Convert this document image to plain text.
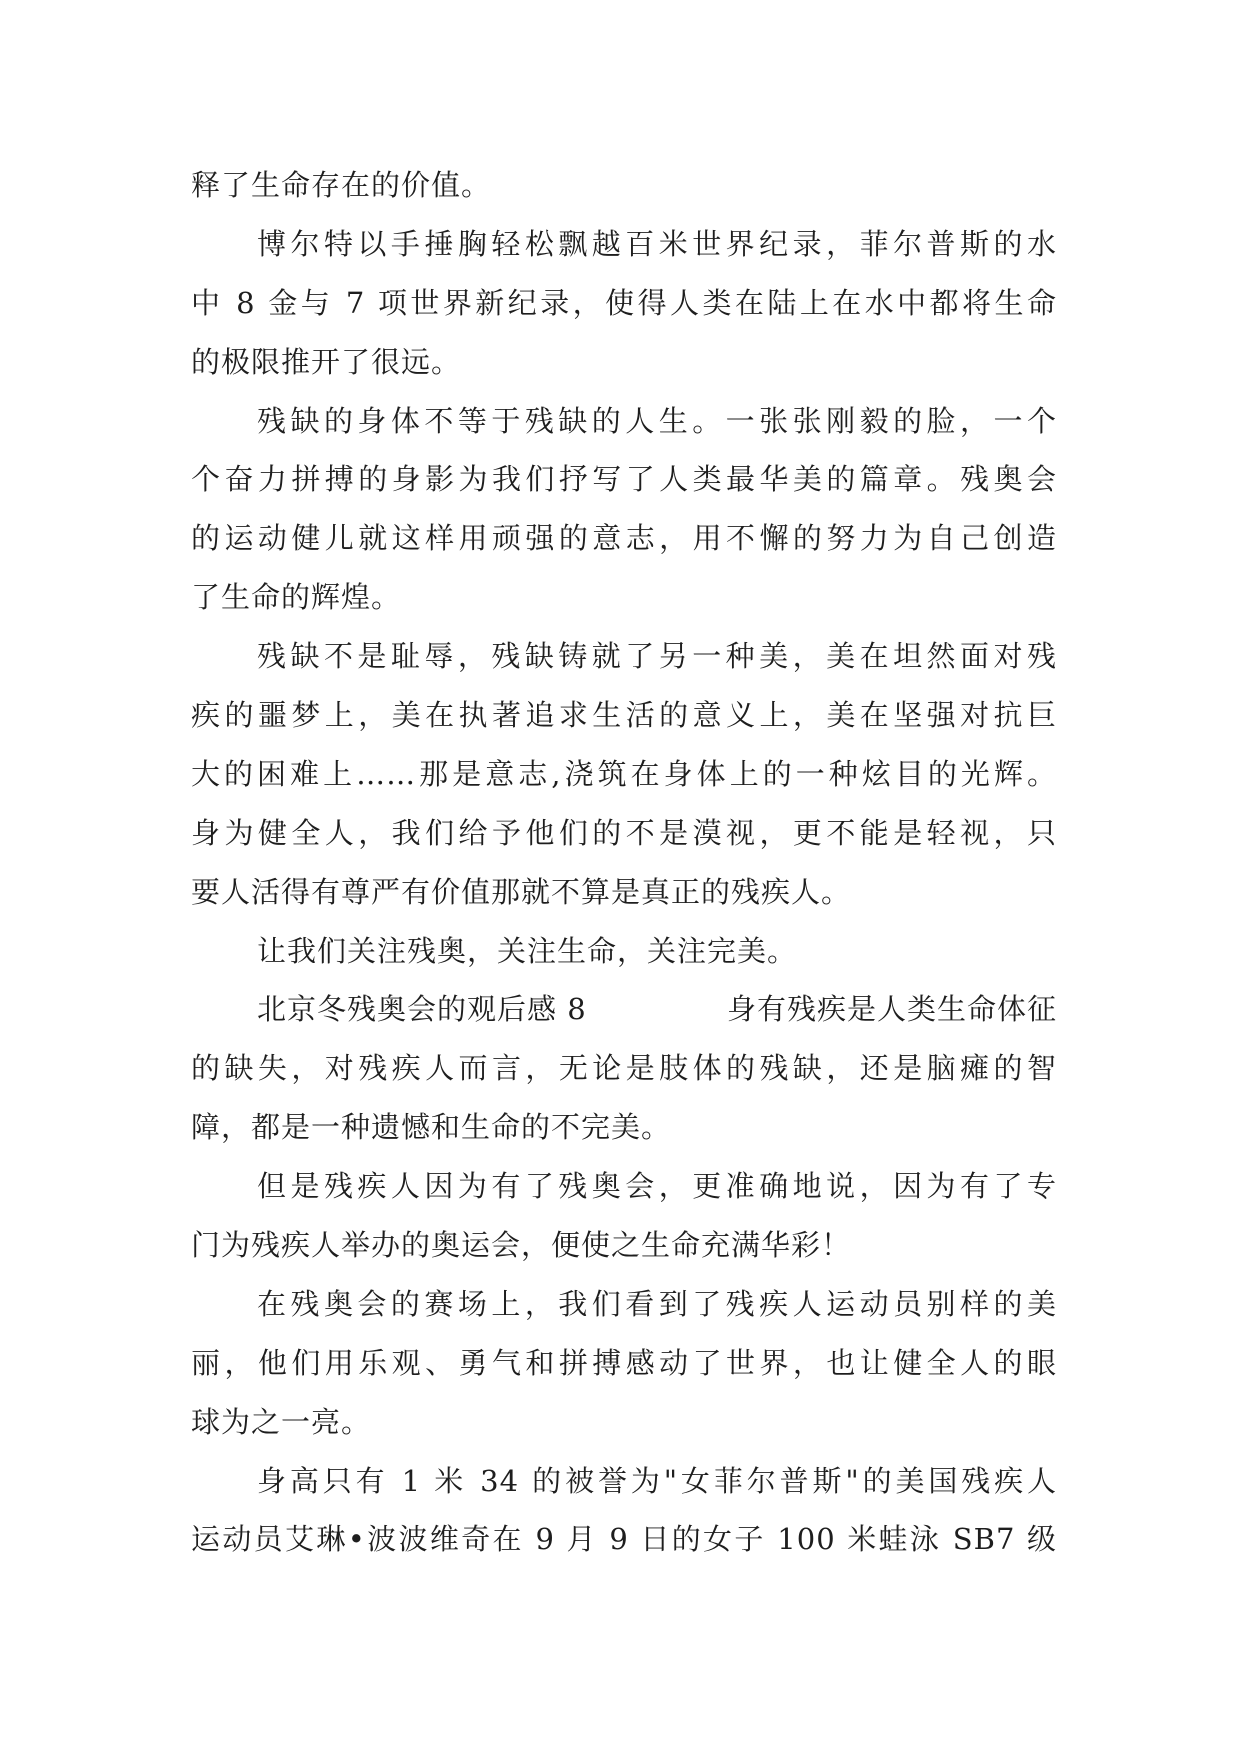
释了生命存在的价值。
博尔特以手捶胸轻松飘越百米世界纪录，菲尔普斯的水
中 8 金与 7 项世界新纪录，使得人类在陆上在水中都将生命
的极限推开了很远。
残缺的身体不等于残缺的人生。一张张刚毅的脸，一个
个奋力拼搏的身影为我们抒写了人类最华美的篇章。残奥会
的运动健儿就这样用顽强的意志，用不懈的努力为自己创造
了生命的辉煌。
残缺不是耻辱，残缺铸就了另一种美，美在坦然面对残
疾的噩梦上，美在执著追求生活的意义上，美在坚强对抗巨
大的困难上……那是意志,浇筑在身体上的一种炫目的光辉。
身为健全人，我们给予他们的不是漠视，更不能是轻视，只
要人活得有尊严有价值那就不算是真正的残疾人。
让我们关注残奥，关注生命，关注完美。
北京冬残奥会的观后感 8	身有残疾是人类生命体征
的缺失，对残疾人而言，无论是肢体的残缺，还是脑瘫的智
障，都是一种遗憾和生命的不完美。
但是残疾人因为有了残奥会，更准确地说，因为有了专
门为残疾人举办的奥运会，便使之生命充满华彩！
在残奥会的赛场上，我们看到了残疾人运动员别样的美
丽，他们用乐观、勇气和拼搏感动了世界，也让健全人的眼
球为之一亮。
身高只有 1 米 34 的被誉为"女菲尔普斯"的美国残疾人
运动员艾琳•波波维奇在 9 月 9 日的女子 100 米蛙泳 SB7 级
